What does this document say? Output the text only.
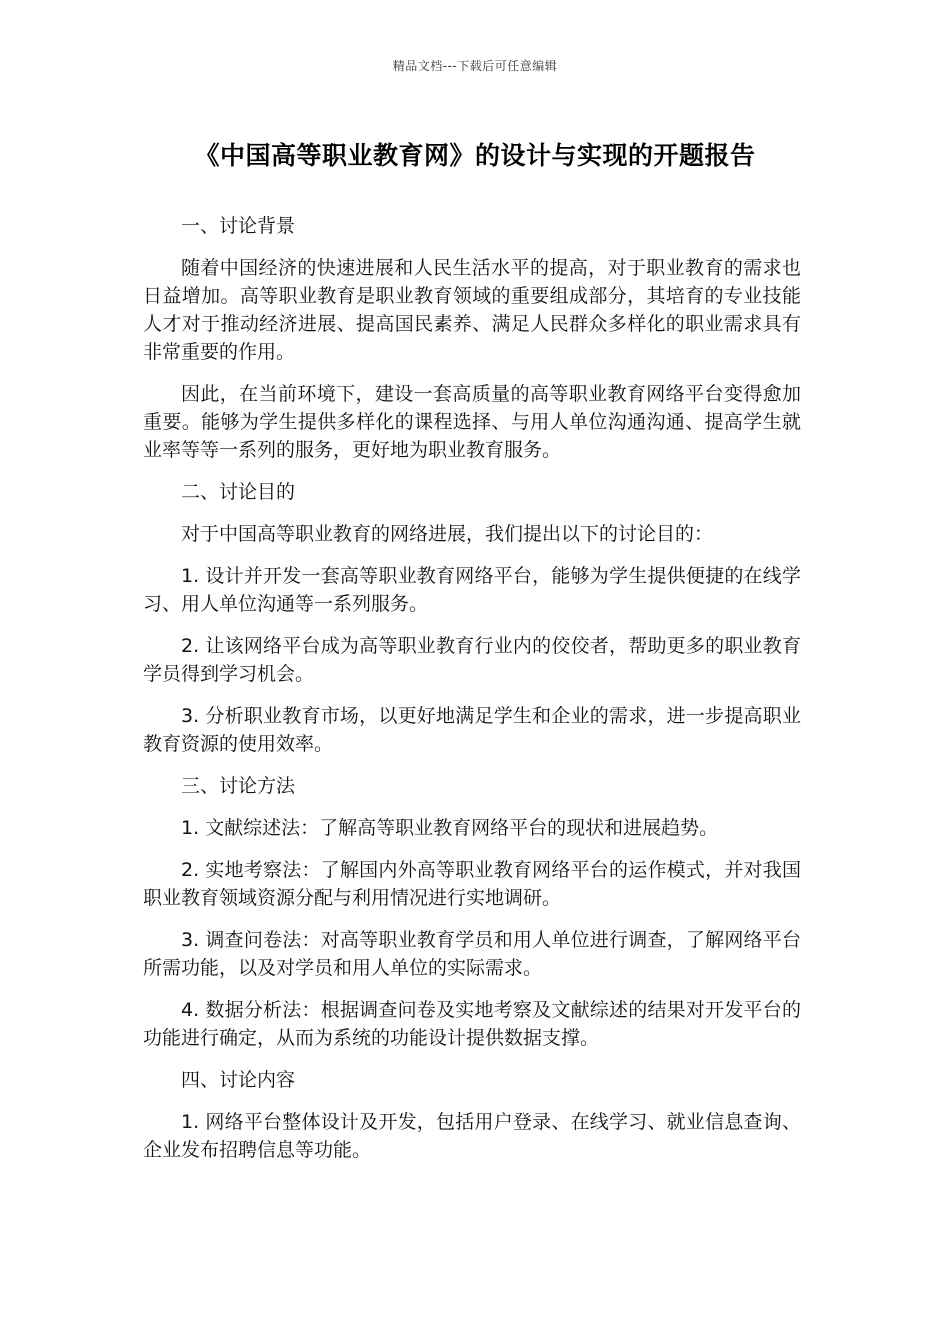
精品文档---下载后可任意编辑
《中国高等职业教育网》的设计与实现的开题报告

一、讨论背景

随着中国经济的快速进展和人民生活水平的提高，对于职业教育的需求也日益增加。高等职业教育是职业教育领域的重要组成部分，其培育的专业技能人才对于推动经济进展、提高国民素养、满足人民群众多样化的职业需求具有非常重要的作用。

因此，在当前环境下，建设一套高质量的高等职业教育网络平台变得愈加重要。能够为学生提供多样化的课程选择、与用人单位沟通沟通、提高学生就业率等等一系列的服务，更好地为职业教育服务。

二、讨论目的

对于中国高等职业教育的网络进展，我们提出以下的讨论目的：

1. 设计并开发一套高等职业教育网络平台，能够为学生提供便捷的在线学习、用人单位沟通等一系列服务。

2. 让该网络平台成为高等职业教育行业内的佼佼者，帮助更多的职业教育学员得到学习机会。

3. 分析职业教育市场，以更好地满足学生和企业的需求，进一步提高职业教育资源的使用效率。

三、讨论方法

1. 文献综述法：了解高等职业教育网络平台的现状和进展趋势。

2. 实地考察法：了解国内外高等职业教育网络平台的运作模式，并对我国职业教育领域资源分配与利用情况进行实地调研。

3. 调查问卷法：对高等职业教育学员和用人单位进行调查，了解网络平台所需功能，以及对学员和用人单位的实际需求。

4. 数据分析法：根据调查问卷及实地考察及文献综述的结果对开发平台的功能进行确定，从而为系统的功能设计提供数据支撑。

四、讨论内容

1. 网络平台整体设计及开发，包括用户登录、在线学习、就业信息查询、企业发布招聘信息等功能。
